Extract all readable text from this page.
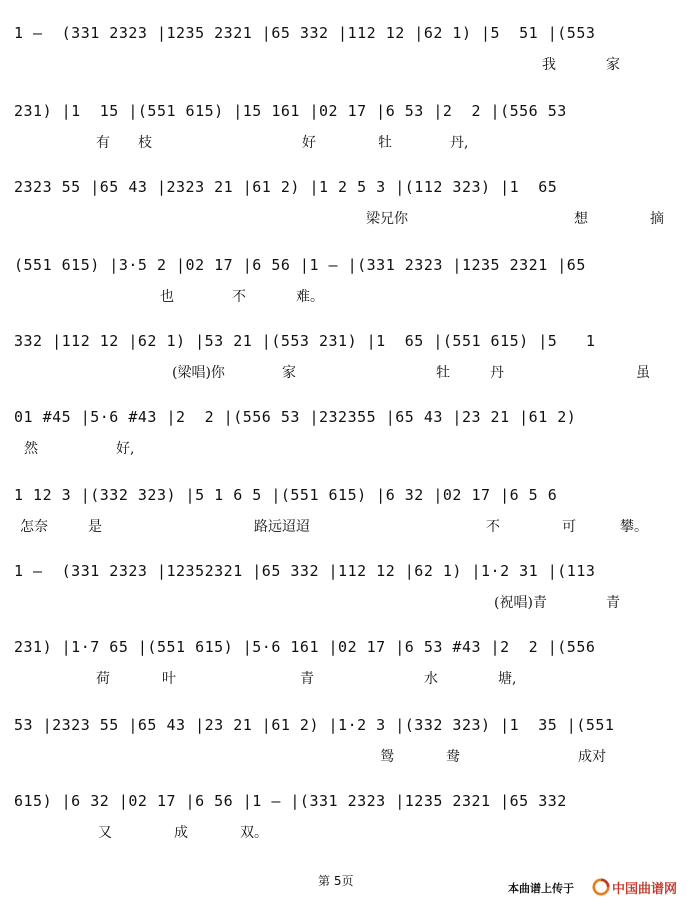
1 –  (331 2323 |1235 2321 |65 332 |112 12 |62 1) |5  51 |(553
我	家
231) |1  15 |(551 615) |15 161 |02 17 |6 53 |2  2 |(556 53
有 枝	好	牡	丹,
2323 55 |65 43 |2323 21 |61 2) |1 2 5 3 |(112 323) |1  65
梁兄你	想	摘
(551 615) |3·5 2 |02 17 |6 56 |1 – |(331 2323 |1235 2321 |65
也	不	难。
332 |112 12 |62 1) |53 21 |(553 231) |1  65 |(551 615) |5   1
(梁唱)你	家	牡	丹	虽
01 #45 |5·6 #43 |2  2 |(556 53 |232355 |65 43 |23 21 |61 2)
然	好,
1 12 3 |(332 323) |5 1 6 5 |(551 615) |6 32 |02 17 |6 5 6
怎奈	是	路远迢迢	不	可	攀。
1 –  (331 2323 |12352321 |65 332 |112 12 |62 1) |1·2 31 |(113
(祝唱)青	青
231) |1·7 65 |(551 615) |5·6 161 |02 17 |6 53 #43 |2  2 |(556
荷	叶	青	水	塘,
53 |2323 55 |65 43 |23 21 |61 2) |1·2 3 |(332 323) |1  35 |(551
鸳	鸯	成对
615) |6 32 |02 17 |6 56 |1 – |(331 2323 |1235 2321 |65 332
又	成	双。
第 5页
本曲谱上传于	中国曲谱网
